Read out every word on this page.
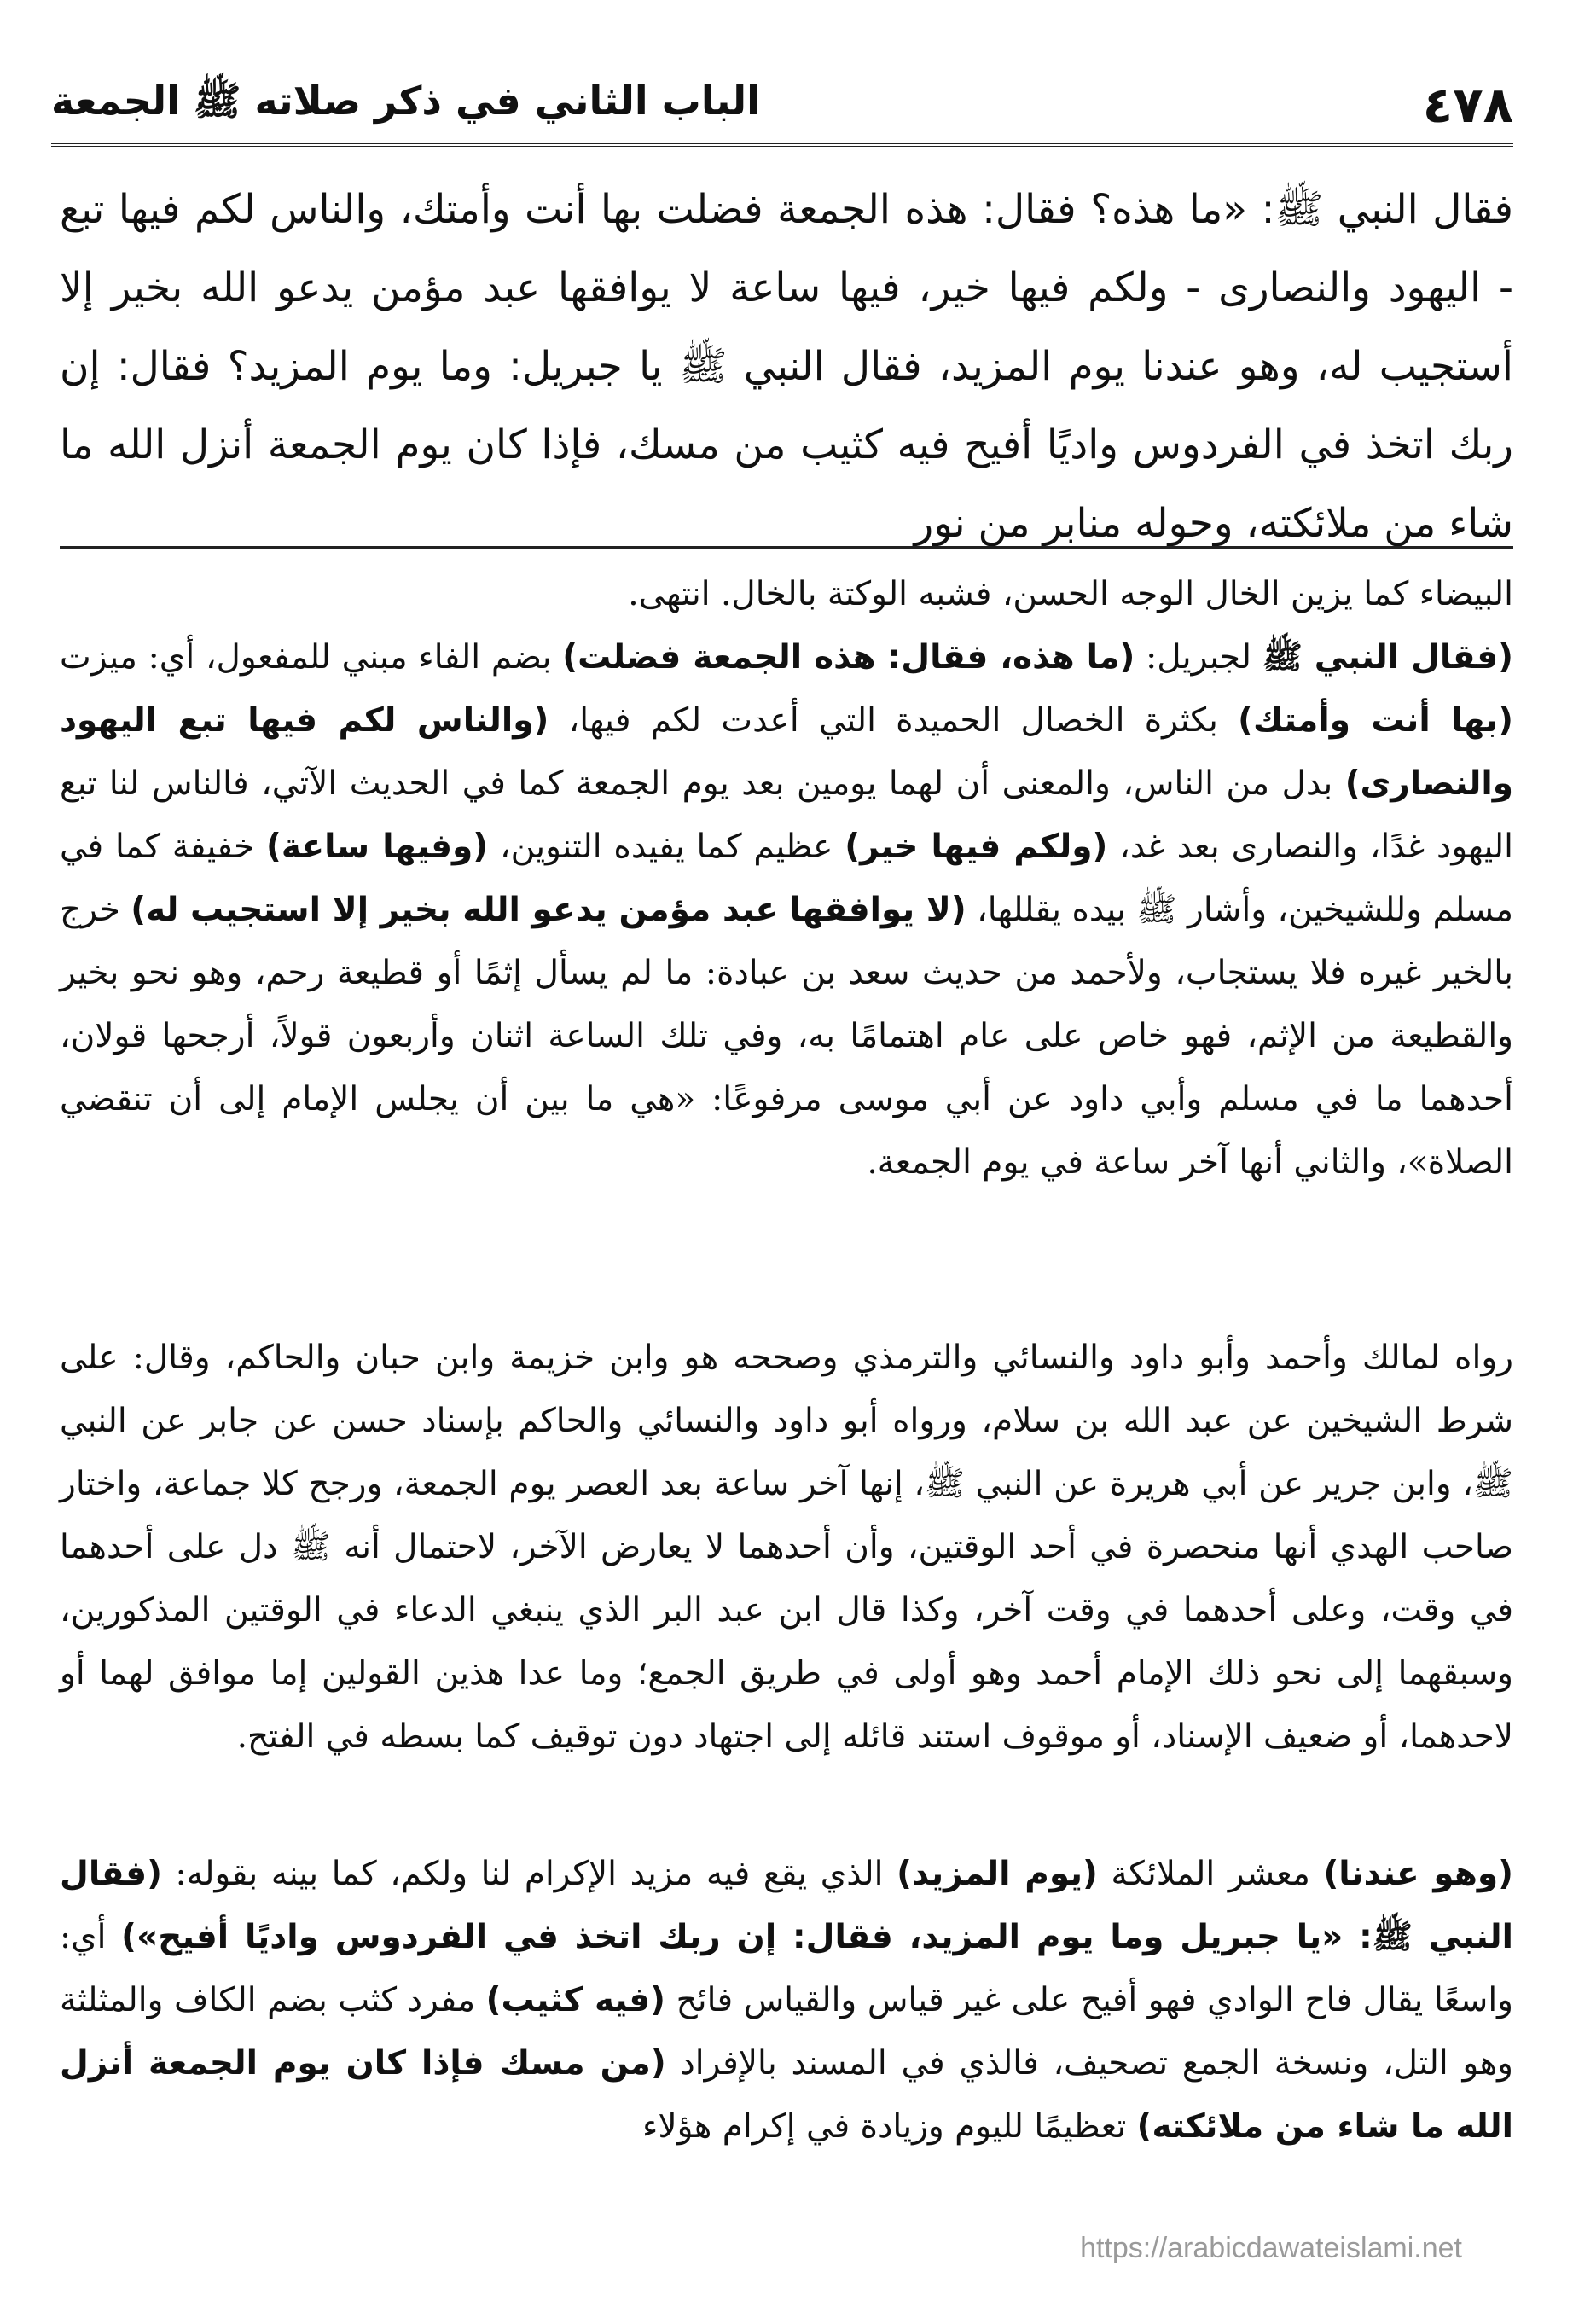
٤٧٨
الباب الثاني في ذكر صلاته ﷺ الجمعة

فقال النبي ﷺ: «ما هذه؟ فقال: هذه الجمعة فضلت بها أنت وأمتك، والناس لكم فيها تبع - اليهود والنصارى - ولكم فيها خير، فيها ساعة لا يوافقها عبد مؤمن يدعو الله بخير إلا أستجيب له، وهو عندنا يوم المزيد، فقال النبي ﷺ يا جبريل: وما يوم المزيد؟ فقال: إن ربك اتخذ في الفردوس واديًا أفيح فيه كثيب من مسك، فإذا كان يوم الجمعة أنزل الله ما شاء من ملائكته، وحوله منابر من نور

البيضاء كما يزين الخال الوجه الحسن، فشبه الوكتة بالخال. انتهى.

(فقال النبي ﷺ لجبريل: (ما هذه، فقال: هذه الجمعة فضلت) بضم الفاء مبني للمفعول، أي: ميزت (بها أنت وأمتك) بكثرة الخصال الحميدة التي أعدت لكم فيها، (والناس لكم فيها تبع اليهود والنصارى) بدل من الناس، والمعنى أن لهما يومين بعد يوم الجمعة كما في الحديث الآتي، فالناس لنا تبع اليهود غدًا، والنصارى بعد غد، (ولكم فيها خير) عظيم كما يفيده التنوين، (وفيها ساعة) خفيفة كما في مسلم وللشيخين، وأشار ﷺ بيده يقللها، (لا يوافقها عبد مؤمن يدعو الله بخير إلا استجيب له) خرج بالخير غيره فلا يستجاب، ولأحمد من حديث سعد بن عبادة: ما لم يسأل إثمًا أو قطيعة رحم، وهو نحو بخير والقطيعة من الإثم، فهو خاص على عام اهتمامًا به، وفي تلك الساعة اثنان وأربعون قولاً، أرجحها قولان، أحدهما ما في مسلم وأبي داود عن أبي موسى مرفوعًا: «هي ما بين أن يجلس الإمام إلى أن تنقضي الصلاة»، والثاني أنها آخر ساعة في يوم الجمعة.

رواه لمالك وأحمد وأبو داود والنسائي والترمذي وصححه هو وابن خزيمة وابن حبان والحاكم، وقال: على شرط الشيخين عن عبد الله بن سلام، ورواه أبو داود والنسائي والحاكم بإسناد حسن عن جابر عن النبي ﷺ، وابن جرير عن أبي هريرة عن النبي ﷺ، إنها آخر ساعة بعد العصر يوم الجمعة، ورجح كلا جماعة، واختار صاحب الهدي أنها منحصرة في أحد الوقتين، وأن أحدهما لا يعارض الآخر، لاحتمال أنه ﷺ دل على أحدهما في وقت، وعلى أحدهما في وقت آخر، وكذا قال ابن عبد البر الذي ينبغي الدعاء في الوقتين المذكورين، وسبقهما إلى نحو ذلك الإمام أحمد وهو أولى في طريق الجمع؛ وما عدا هذين القولين إما موافق لهما أو لاحدهما، أو ضعيف الإسناد، أو موقوف استند قائله إلى اجتهاد دون توقيف كما بسطه في الفتح.

(وهو عندنا) معشر الملائكة (يوم المزيد) الذي يقع فيه مزيد الإكرام لنا ولكم، كما بينه بقوله: (فقال النبي ﷺ: «يا جبريل وما يوم المزيد، فقال: إن ربك اتخذ في الفردوس واديًا أفيح») أي: واسعًا يقال فاح الوادي فهو أفيح على غير قياس والقياس فائح (فيه كثيب) مفرد كثب بضم الكاف والمثلثة وهو التل، ونسخة الجمع تصحيف، فالذي في المسند بالإفراد (من مسك فإذا كان يوم الجمعة أنزل الله ما شاء من ملائكته) تعظيمًا لليوم وزيادة في إكرام هؤلاء

https://arabicdawateislami.net
